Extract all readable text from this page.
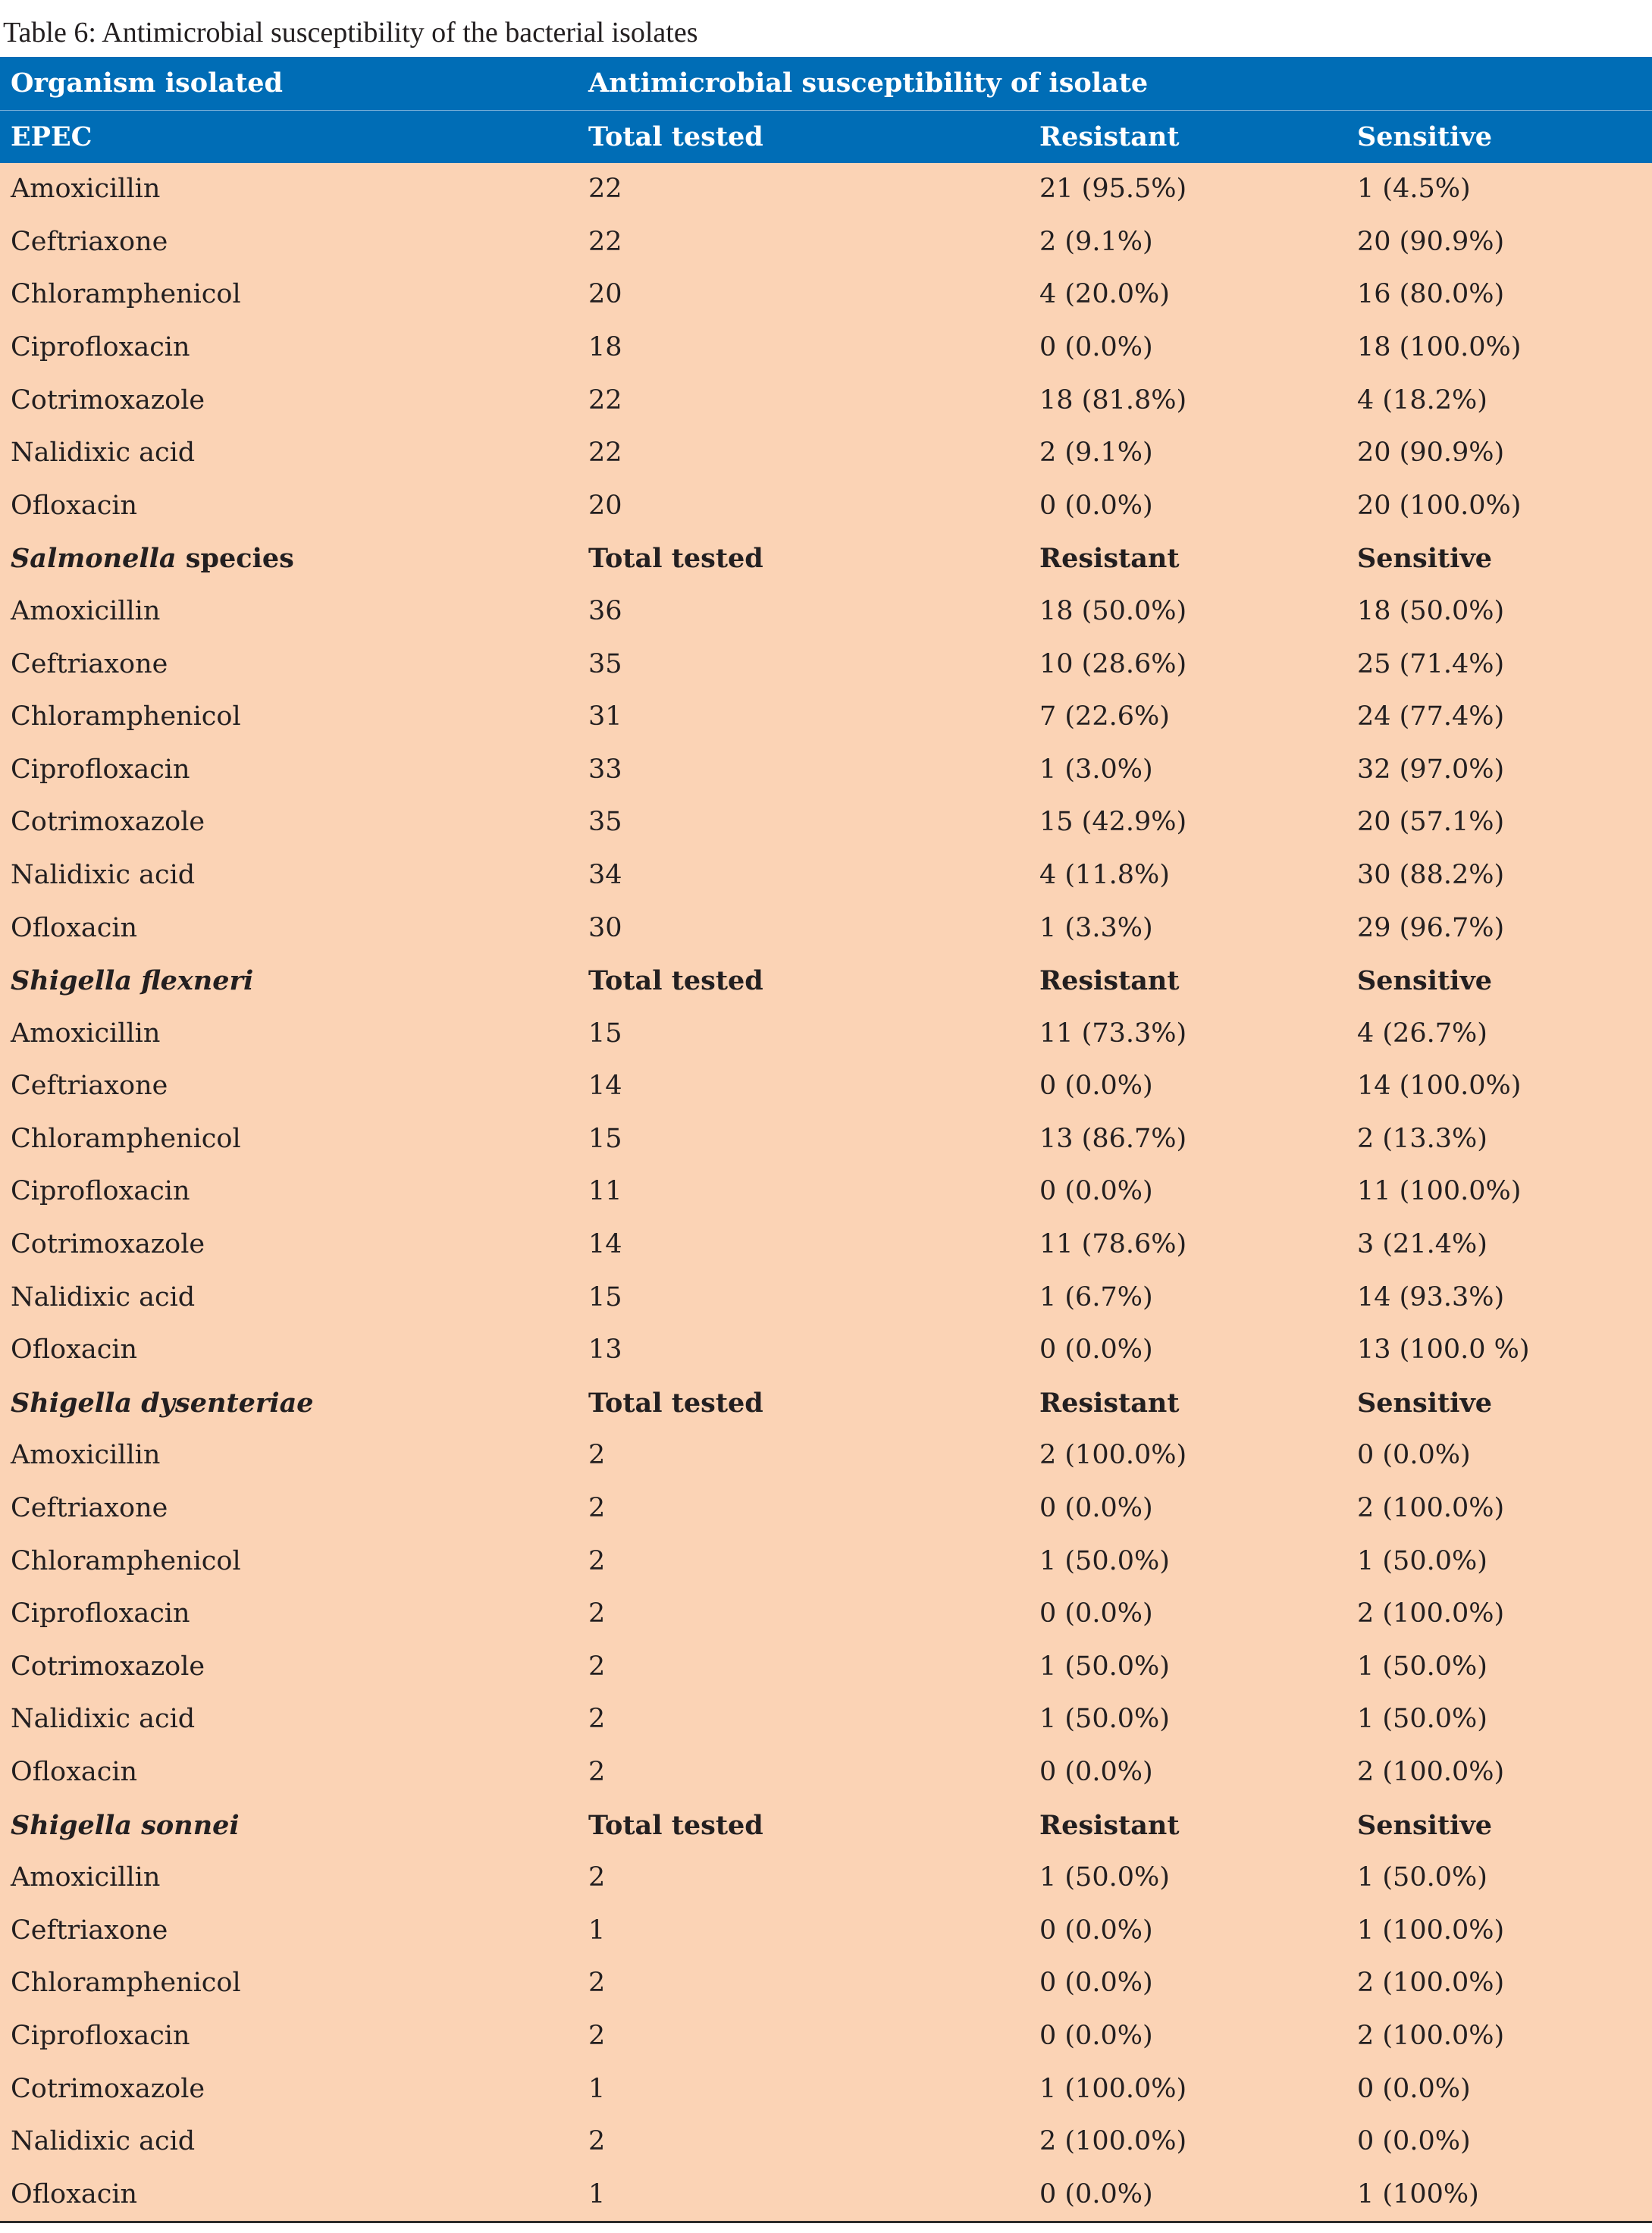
Table 6: Antimicrobial susceptibility of the bacterial isolates
Organism isolated	Antimicrobial susceptibility of isolate
EPEC	Total tested	Resistant	Sensitive
Amoxicillin	22	21 (95.5%)	1 (4.5%)
Ceftriaxone	22	2 (9.1%)	20 (90.9%)
Chloramphenicol	20	4 (20.0%)	16 (80.0%)
Ciprofloxacin	18	0 (0.0%)	18 (100.0%)
Cotrimoxazole	22	18 (81.8%)	4 (18.2%)
Nalidixic acid	22	2 (9.1%)	20 (90.9%)
Ofloxacin	20	0 (0.0%)	20 (100.0%)
Salmonella species	Total tested	Resistant	Sensitive
Amoxicillin	36	18 (50.0%)	18 (50.0%)
Ceftriaxone	35	10 (28.6%)	25 (71.4%)
Chloramphenicol	31	7 (22.6%)	24 (77.4%)
Ciprofloxacin	33	1 (3.0%)	32 (97.0%)
Cotrimoxazole	35	15 (42.9%)	20 (57.1%)
Nalidixic acid	34	4 (11.8%)	30 (88.2%)
Ofloxacin	30	1 (3.3%)	29 (96.7%)
Shigella flexneri	Total tested	Resistant	Sensitive
Amoxicillin	15	11 (73.3%)	4 (26.7%)
Ceftriaxone	14	0 (0.0%)	14 (100.0%)
Chloramphenicol	15	13 (86.7%)	2 (13.3%)
Ciprofloxacin	11	0 (0.0%)	11 (100.0%)
Cotrimoxazole	14	11 (78.6%)	3 (21.4%)
Nalidixic acid	15	1 (6.7%)	14 (93.3%)
Ofloxacin	13	0 (0.0%)	13 (100.0 %)
Shigella dysenteriae	Total tested	Resistant	Sensitive
Amoxicillin	2	2 (100.0%)	0 (0.0%)
Ceftriaxone	2	0 (0.0%)	2 (100.0%)
Chloramphenicol	2	1 (50.0%)	1 (50.0%)
Ciprofloxacin	2	0 (0.0%)	2 (100.0%)
Cotrimoxazole	2	1 (50.0%)	1 (50.0%)
Nalidixic acid	2	1 (50.0%)	1 (50.0%)
Ofloxacin	2	0 (0.0%)	2 (100.0%)
Shigella sonnei	Total tested	Resistant	Sensitive
Amoxicillin	2	1 (50.0%)	1 (50.0%)
Ceftriaxone	1	0 (0.0%)	1 (100.0%)
Chloramphenicol	2	0 (0.0%)	2 (100.0%)
Ciprofloxacin	2	0 (0.0%)	2 (100.0%)
Cotrimoxazole	1	1 (100.0%)	0 (0.0%)
Nalidixic acid	2	2 (100.0%)	0 (0.0%)
Ofloxacin	1	0 (0.0%)	1 (100%)
